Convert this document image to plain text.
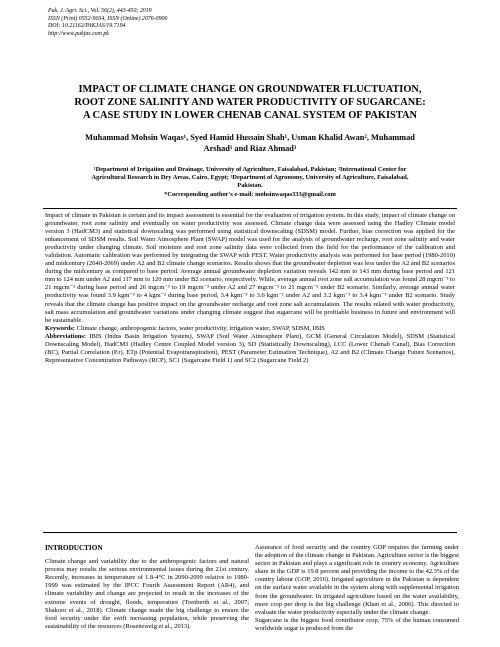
Pak. J. Agri. Sci., Vol. 56(2), 443-450; 2019
ISSN (Print) 0552-9034, ISSN (Online) 2076-0906
DOI: 10.21162/PAKJAS/19.7194
http://www.pakjas.com.pk
IMPACT OF CLIMATE CHANGE ON GROUNDWATER FLUCTUATION,
ROOT ZONE SALINITY AND WATER PRODUCTIVITY OF SUGARCANE:
A CASE STUDY IN LOWER CHENAB CANAL SYSTEM OF PAKISTAN
Muhammad Mohsin Waqas¹, Syed Hamid Hussain Shah¹, Usman Khalid Awan², Muhammad
Arshad¹ and Riaz Ahmad³
¹Department of Irrigation and Drainage, University of Agriculture, Faisalabad, Pakistan; ²International Center for
Agricultural Research in Dry Areas, Cairo, Egypt; ³Department of Agronomy, University of Agriculture, Faisalabad,
Pakistan.
*Corresponding author's e-mail: mohsinwaqas333@gmail.com

Impact of climate in Pakistan is certain and its impact assessment is essential for the evaluation of irrigation system. In this study, impact of climate change on groundwater, root zone salinity and eventually on water productivity was assessed. Climate change data were assessed using the Hadley Climate model version 3 (HadCM3) and statistical downscaling was performed using statistical downscaling (SDSM) model. Further, bias correction was applied for the enhancement of SDSM results. Soil Water Atmosphere Plant (SWAP) model was used for the analysis of groundwater recharge, root zone salinity and water productivity under changing climate. Soil moisture and root zone salinity data were collected from the field for the performance of the calibration and validation. Automatic calibration was performed by integrating the SWAP with PEST. Water productivity analysis was performed for base period (1980-2010) and midcentury (2040-2069) under A2 and B2 climate change scenarios. Results shows that the groundwater depletion was less under the A2 and B2 scenarios during the midcentury as compared to base period. Average annual groundwater depletion variation reveals 142 mm to 143 mm during base period and 121 mm to 124 mm under A2 and 117 mm to 120 mm under B2 scenario, respectively. While, average annual root zone salt accumulation was found 28 mgcm⁻³ to 21 mgcm⁻³ during base period and 26 mgcm⁻³ to 19 mgcm⁻³ under A2 and 27 mgcm⁻³ to 21 mgcm⁻³ under B2 scenario. Similarly, average annual water productivity was found 3.9 kgm⁻³ to 4 kgm⁻³ during base period, 3.4 kgm⁻³ to 3.6 kgm⁻³ under A2 and 3.2 kgm⁻³ to 3.4 kgm⁻³ under B2 scenario. Study reveals that the climate change has positive impact on the groundwater recharge and root zone salt accumulation. The results related with water productivity, salt mass accumulation and groundwater variations under changing climate suggest that sugarcane will be profitable business in future and environment will be sustainable.

Keywords: Climate change, anthropogenic factors, water productivity, irrigation water, SWAP, SDSM, IBIS

Abbreviations: IBIS (Indus Basin Irrigation System), SWAP (Soil Water Atmosphere Plant), GCM (General Circulation Model), SDSM (Statistical Downscaling Model), HadCM3 (Hadley Centre Coupled Model version 3), SD (Statistically Downscaling), LCC (Lower Chenab Canal), Bias Correction (BC), Partial Correlation (P.r), ETp (Potential Evapotranspiration), PEST (Parameter Estimation Technique), A2 and B2 (Climate Change Future Scenarios), Representative Concentration Pathways (RCP), SC1 (Sugarcane Field 1) and SC2 (Sugarcane Field 2)

INTRODUCTION

Climate change and variability due to the anthropogenic factors and natural process may results the serious environmental issues during the 21st century. Recently, increases in temperature of 1.8-4°C in 2090-2099 relative to 1980-1999 was estimated by the IPCC Fourth Assessment Report (AR4), and climate variability and change are projected to result in the increases of the extreme events of drought, floods, temperature (Trenberth et al., 2007; Shakoor et al., 2018). Climate change made the big challenge to ensure the food security under the swift increasing population, while preserving the sustainability of the resources (Rosenzweig et al., 2013).

Assurance of food security and the country GDP requires the farming under the adoption of the climate change in Pakistan. Agriculture sector is the biggest sector in Pakistan and plays a significant role in country economy. Agriculture share in the GDP is 19.8 percent and providing the income to the 42.3% of the country labour (GOP, 2016). Irrigated agriculture in the Pakistan is dependent on the surface water available in the system along with supplemental irrigation from the groundwater. In irrigated agriculture based on the water availability, more crop per drop is the big challenge (Khan et al., 2006). This directed to evaluate the water productivity especially under the climate change.

Sugarcane is the biggest food contributor crop, 75% of the human consumed worldwide sugar is produced from the
